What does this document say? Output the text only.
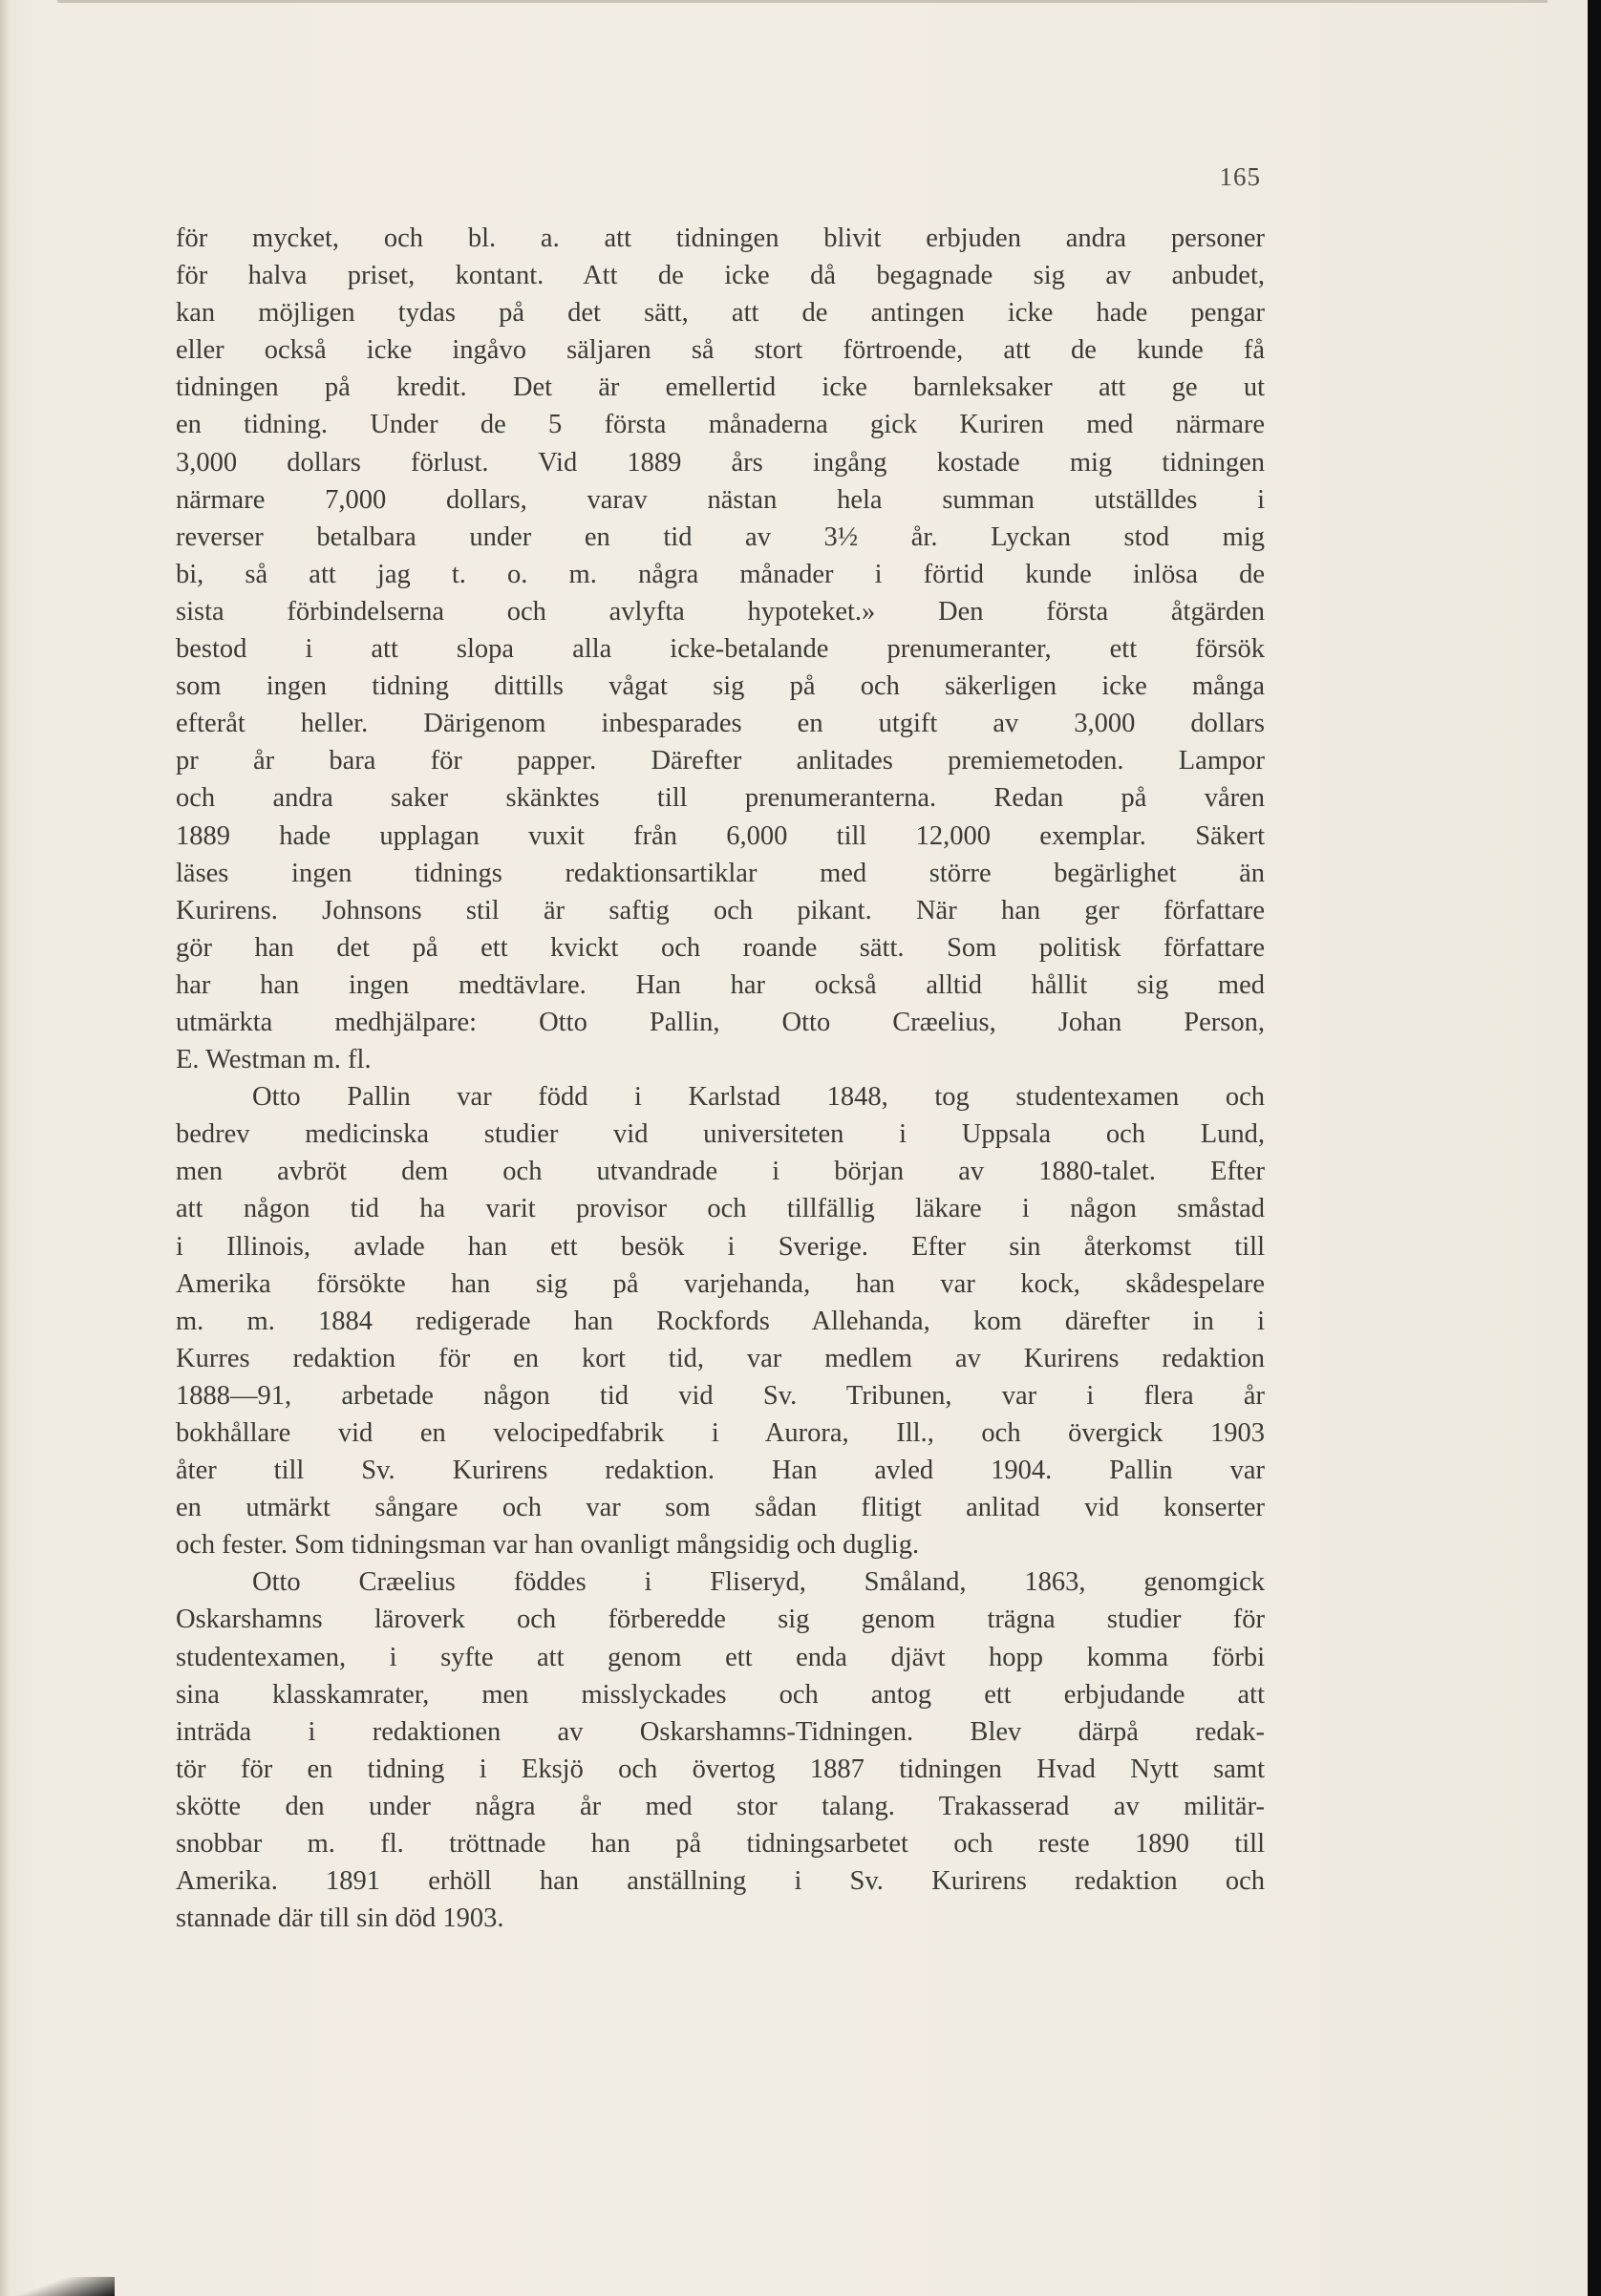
165
för mycket, och bl. a. att tidningen blivit erbjuden andra personer
för halva priset, kontant. Att de icke då begagnade sig av anbudet,
kan möjligen tydas på det sätt, att de antingen icke hade pengar
eller också icke ingåvo säljaren så stort förtroende, att de kunde få
tidningen på kredit. Det är emellertid icke barnleksaker att ge ut
en tidning. Under de 5 första månaderna gick Kuriren med närmare
3,000 dollars förlust. Vid 1889 års ingång kostade mig tidningen
närmare 7,000 dollars, varav nästan hela summan utställdes i
reverser betalbara under en tid av 3½ år. Lyckan stod mig
bi, så att jag t. o. m. några månader i förtid kunde inlösa de
sista förbindelserna och avlyfta hypoteket.» Den första åtgärden
bestod i att slopa alla icke-betalande prenumeranter, ett försök
som ingen tidning dittills vågat sig på och säkerligen icke många
efteråt heller. Därigenom inbesparades en utgift av 3,000 dollars
pr år bara för papper. Därefter anlitades premiemetoden. Lampor
och andra saker skänktes till prenumeranterna. Redan på våren
1889 hade upplagan vuxit från 6,000 till 12,000 exemplar. Säkert
läses ingen tidnings redaktionsartiklar med större begärlighet än
Kurirens. Johnsons stil är saftig och pikant. När han ger författare
gör han det på ett kvickt och roande sätt. Som politisk författare
har han ingen medtävlare. Han har också alltid hållit sig med
utmärkta medhjälpare: Otto Pallin, Otto Cræelius, Johan Person,
E. Westman m. fl.
Otto Pallin var född i Karlstad 1848, tog studentexamen och
bedrev medicinska studier vid universiteten i Uppsala och Lund,
men avbröt dem och utvandrade i början av 1880-talet. Efter
att någon tid ha varit provisor och tillfällig läkare i någon småstad
i Illinois, avlade han ett besök i Sverige. Efter sin återkomst till
Amerika försökte han sig på varjehanda, han var kock, skådespelare
m. m. 1884 redigerade han Rockfords Allehanda, kom därefter in i
Kurres redaktion för en kort tid, var medlem av Kurirens redaktion
1888—91, arbetade någon tid vid Sv. Tribunen, var i flera år
bokhållare vid en velocipedfabrik i Aurora, Ill., och övergick 1903
åter till Sv. Kurirens redaktion. Han avled 1904. Pallin var
en utmärkt sångare och var som sådan flitigt anlitad vid konserter
och fester. Som tidningsman var han ovanligt mångsidig och duglig.
Otto Cræelius föddes i Fliseryd, Småland, 1863, genomgick
Oskarshamns läroverk och förberedde sig genom trägna studier för
studentexamen, i syfte att genom ett enda djävt hopp komma förbi
sina klasskamrater, men misslyckades och antog ett erbjudande att
inträda i redaktionen av Oskarshamns-Tidningen. Blev därpå redak-
tör för en tidning i Eksjö och övertog 1887 tidningen Hvad Nytt samt
skötte den under några år med stor talang. Trakasserad av militär-
snobbar m. fl. tröttnade han på tidningsarbetet och reste 1890 till
Amerika. 1891 erhöll han anställning i Sv. Kurirens redaktion och
stannade där till sin död 1903.
